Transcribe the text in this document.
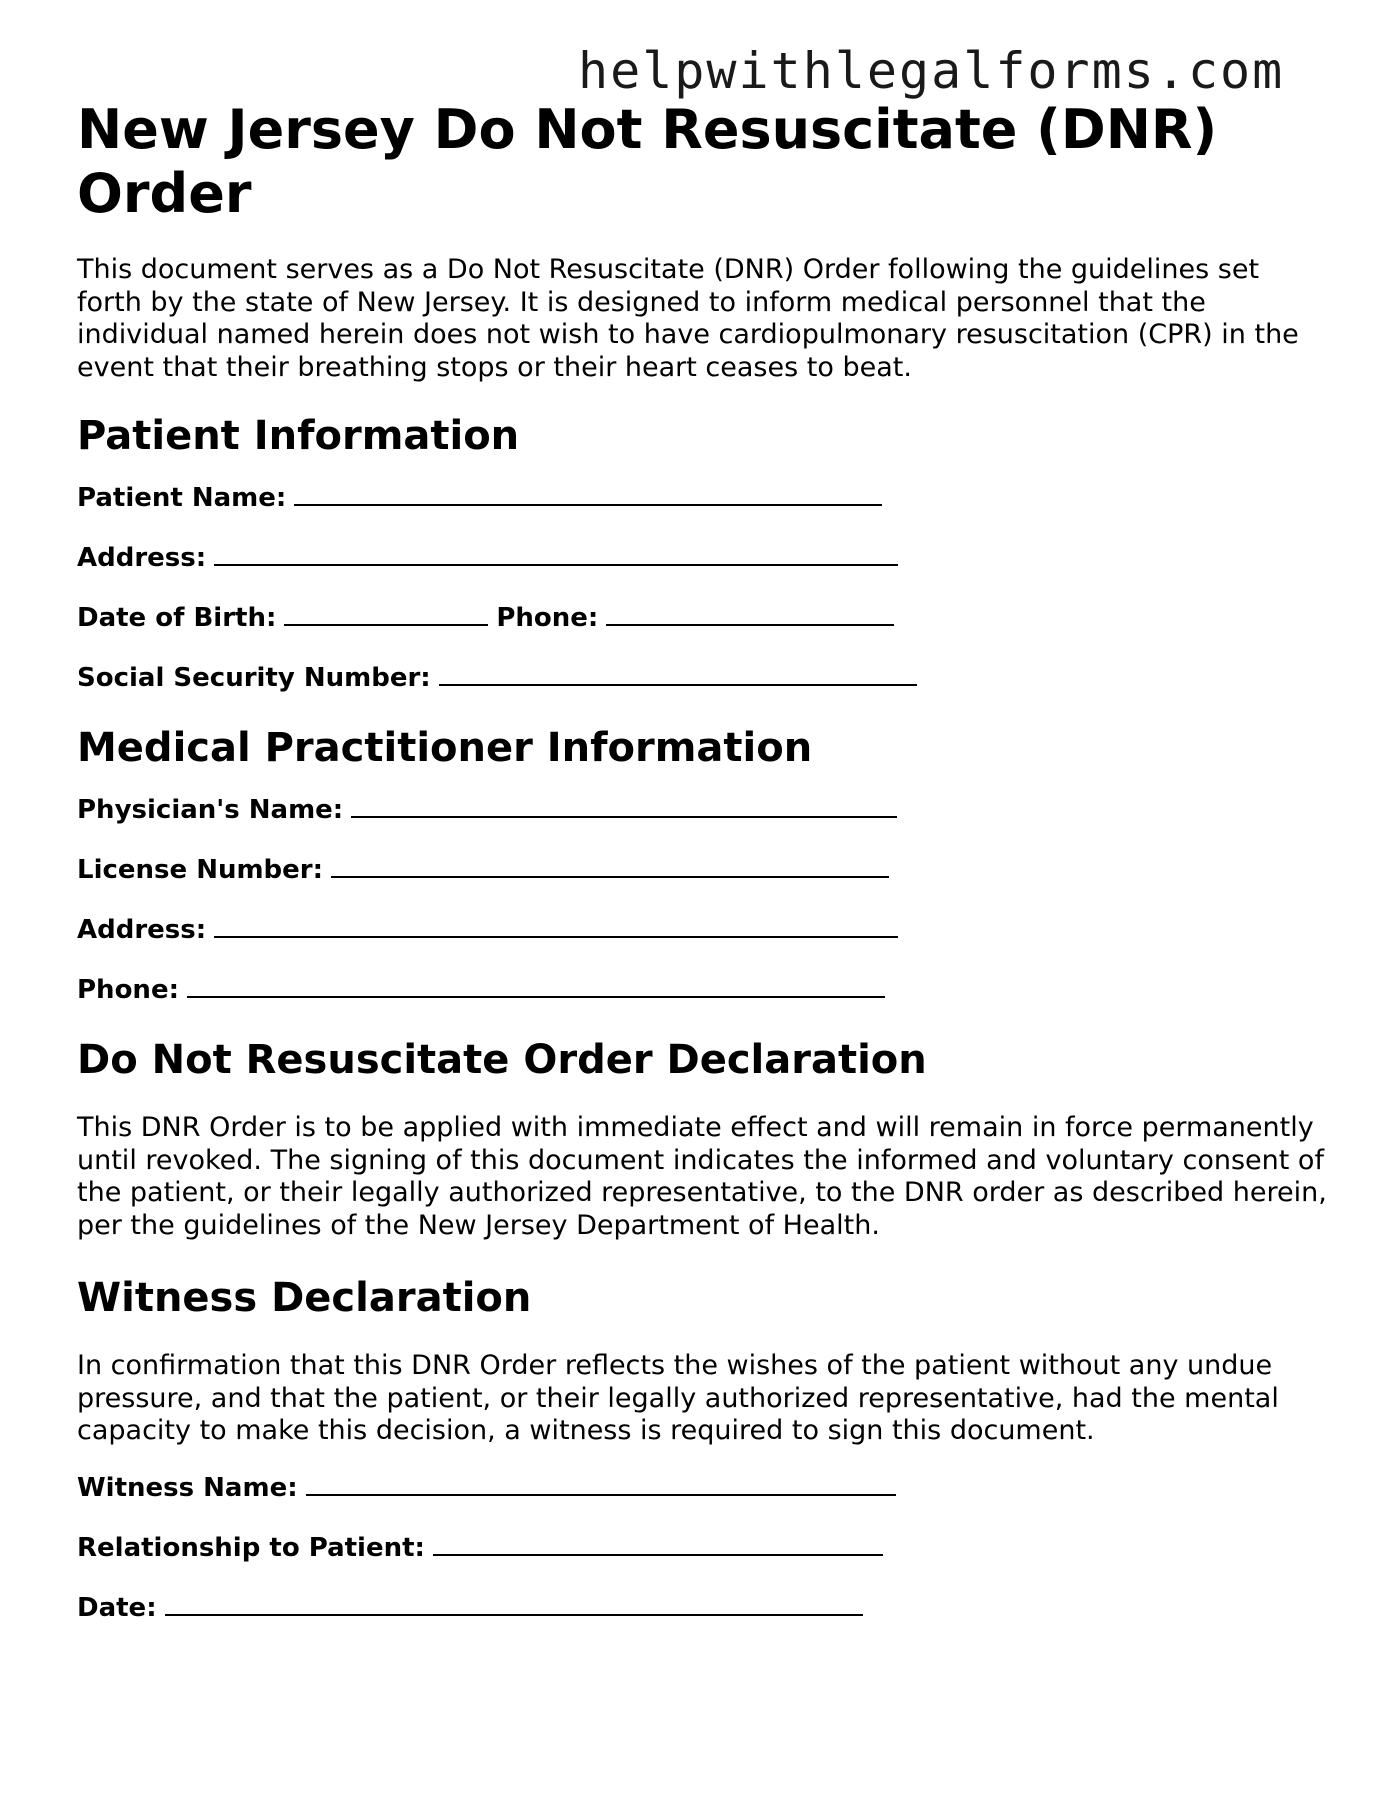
helpwithlegalforms.com
New Jersey Do Not Resuscitate (DNR) Order

This document serves as a Do Not Resuscitate (DNR) Order following the guidelines set forth by the state of New Jersey. It is designed to inform medical personnel that the individual named herein does not wish to have cardiopulmonary resuscitation (CPR) in the event that their breathing stops or their heart ceases to beat.

Patient Information
Patient Name:
Address:
Date of Birth:	Phone:
Social Security Number:
Medical Practitioner Information
Physician's Name:
License Number:
Address:
Phone:
Do Not Resuscitate Order Declaration

This DNR Order is to be applied with immediate effect and will remain in force permanently until revoked. The signing of this document indicates the informed and voluntary consent of the patient, or their legally authorized representative, to the DNR order as described herein, per the guidelines of the New Jersey Department of Health.

Witness Declaration

In confirmation that this DNR Order reflects the wishes of the patient without any undue pressure, and that the patient, or their legally authorized representative, had the mental capacity to make this decision, a witness is required to sign this document.

Witness Name:
Relationship to Patient:
Date:
